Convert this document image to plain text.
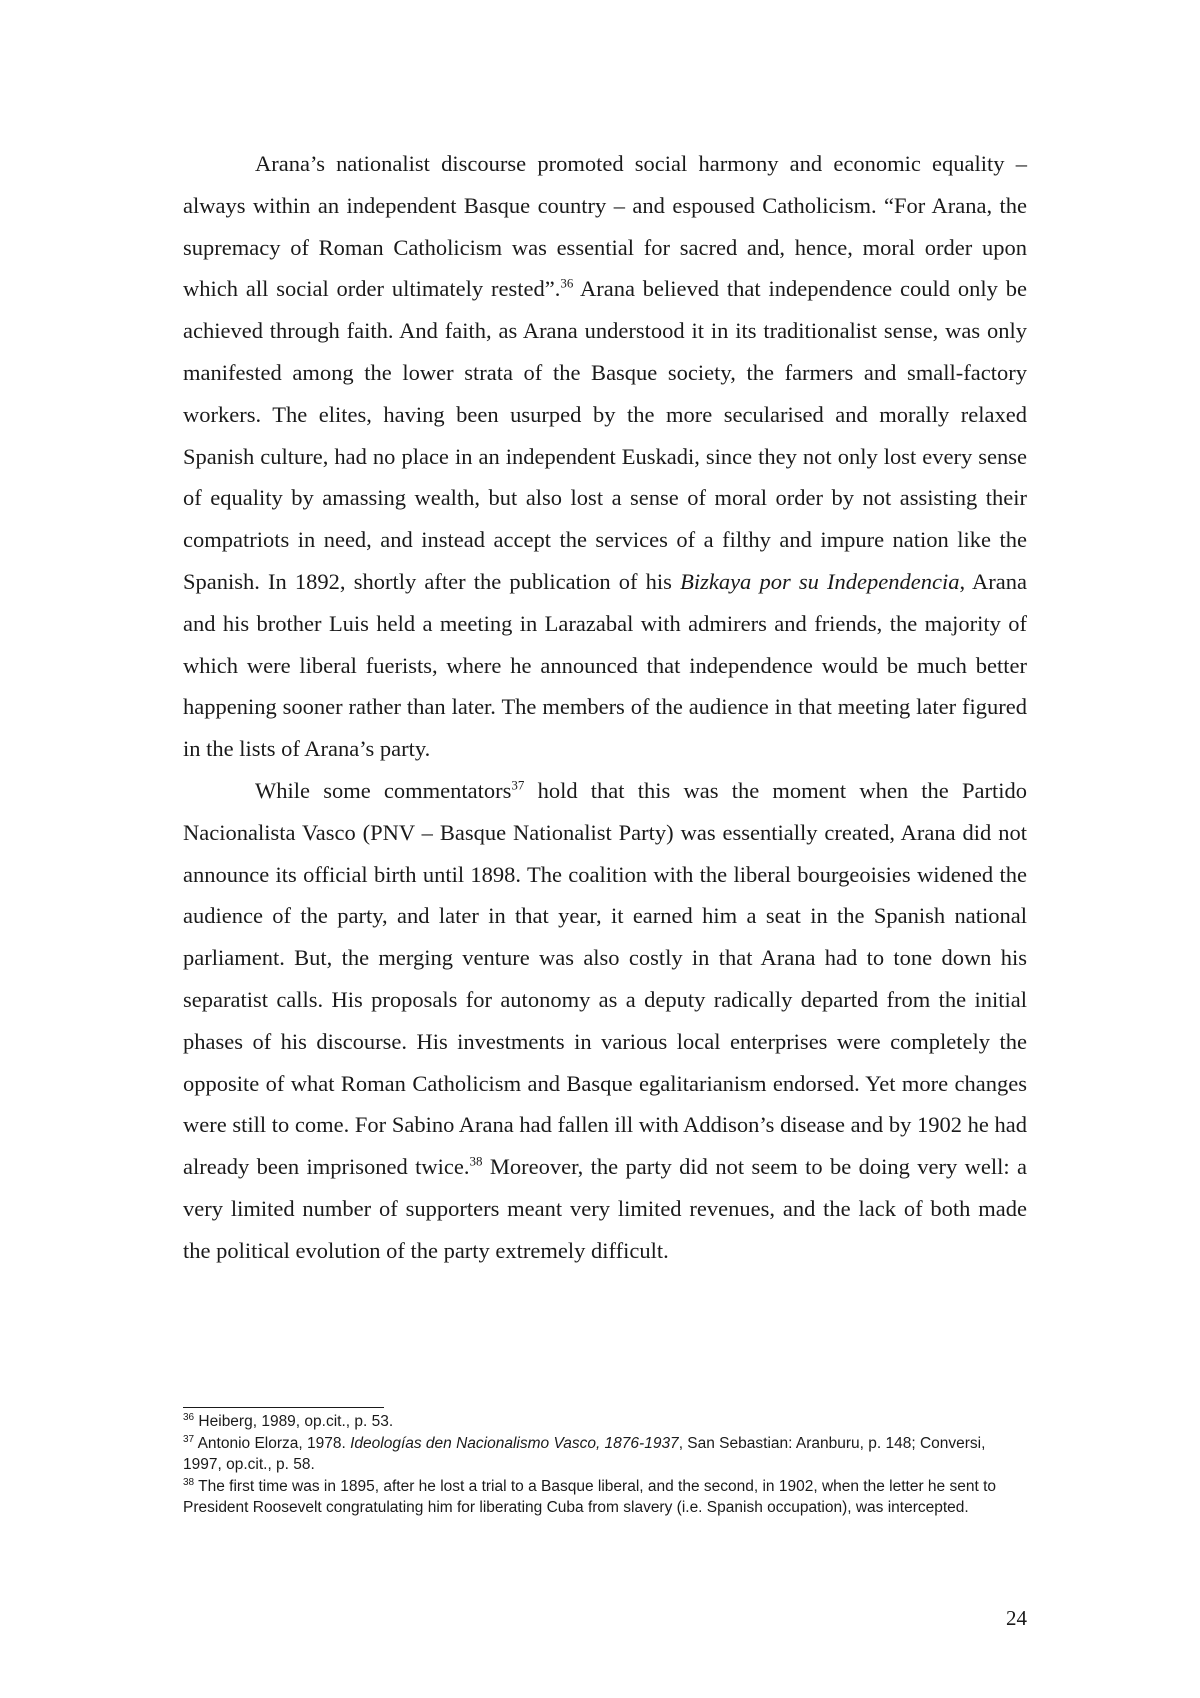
Arana’s nationalist discourse promoted social harmony and economic equality – always within an independent Basque country – and espoused Catholicism. “For Arana, the supremacy of Roman Catholicism was essential for sacred and, hence, moral order upon which all social order ultimately rested”.$^{36}$ Arana believed that independence could only be achieved through faith. And faith, as Arana understood it in its traditionalist sense, was only manifested among the lower strata of the Basque society, the farmers and small-factory workers. The elites, having been usurped by the more secularised and morally relaxed Spanish culture, had no place in an independent Euskadi, since they not only lost every sense of equality by amassing wealth, but also lost a sense of moral order by not assisting their compatriots in need, and instead accept the services of a filthy and impure nation like the Spanish. In 1892, shortly after the publication of his Bizkaya por su Independencia, Arana and his brother Luis held a meeting in Larazabal with admirers and friends, the majority of which were liberal fuerists, where he announced that independence would be much better happening sooner rather than later. The members of the audience in that meeting later figured in the lists of Arana’s party.

While some commentators$^{37}$ hold that this was the moment when the Partido Nacionalista Vasco (PNV – Basque Nationalist Party) was essentially created, Arana did not announce its official birth until 1898. The coalition with the liberal bourgeoisies widened the audience of the party, and later in that year, it earned him a seat in the Spanish national parliament. But, the merging venture was also costly in that Arana had to tone down his separatist calls. His proposals for autonomy as a deputy radically departed from the initial phases of his discourse. His investments in various local enterprises were completely the opposite of what Roman Catholicism and Basque egalitarianism endorsed. Yet more changes were still to come. For Sabino Arana had fallen ill with Addison’s disease and by 1902 he had already been imprisoned twice.$^{38}$ Moreover, the party did not seem to be doing very well: a very limited number of supporters meant very limited revenues, and the lack of both made the political evolution of the party extremely difficult.

$^{36}$ Heiberg, 1989, op.cit., p. 53.

$^{37}$ Antonio Elorza, 1978. Ideologías den Nacionalismo Vasco, 1876-1937, San Sebastian: Aranburu, p. 148; Conversi, 1997, op.cit., p. 58.

$^{38}$ The first time was in 1895, after he lost a trial to a Basque liberal, and the second, in 1902, when the letter he sent to President Roosevelt congratulating him for liberating Cuba from slavery (i.e. Spanish occupation), was intercepted.

24
